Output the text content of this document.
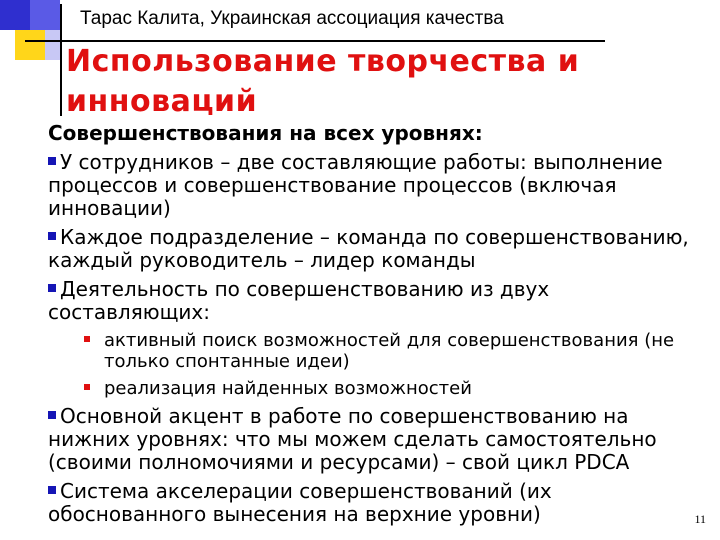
Тарас Калита, Украинская ассоциация качества
Использование творчества и инноваций
Совершенствования на всех уровнях:
У сотрудников – две составляющие работы: выполнение процессов и совершенствование процессов (включая инновации)
Каждое подразделение – команда по совершенствованию, каждый руководитель – лидер команды
Деятельность по совершенствованию из двух составляющих:
активный поиск возможностей для совершенствования (не только спонтанные идеи)
реализация найденных возможностей
Основной акцент в работе по совершенствованию на нижних уровнях: что мы можем сделать самостоятельно (своими полномочиями и ресурсами) – свой цикл PDCA
Система акселерации совершенствований (их обоснованного вынесения на верхние уровни)	11
